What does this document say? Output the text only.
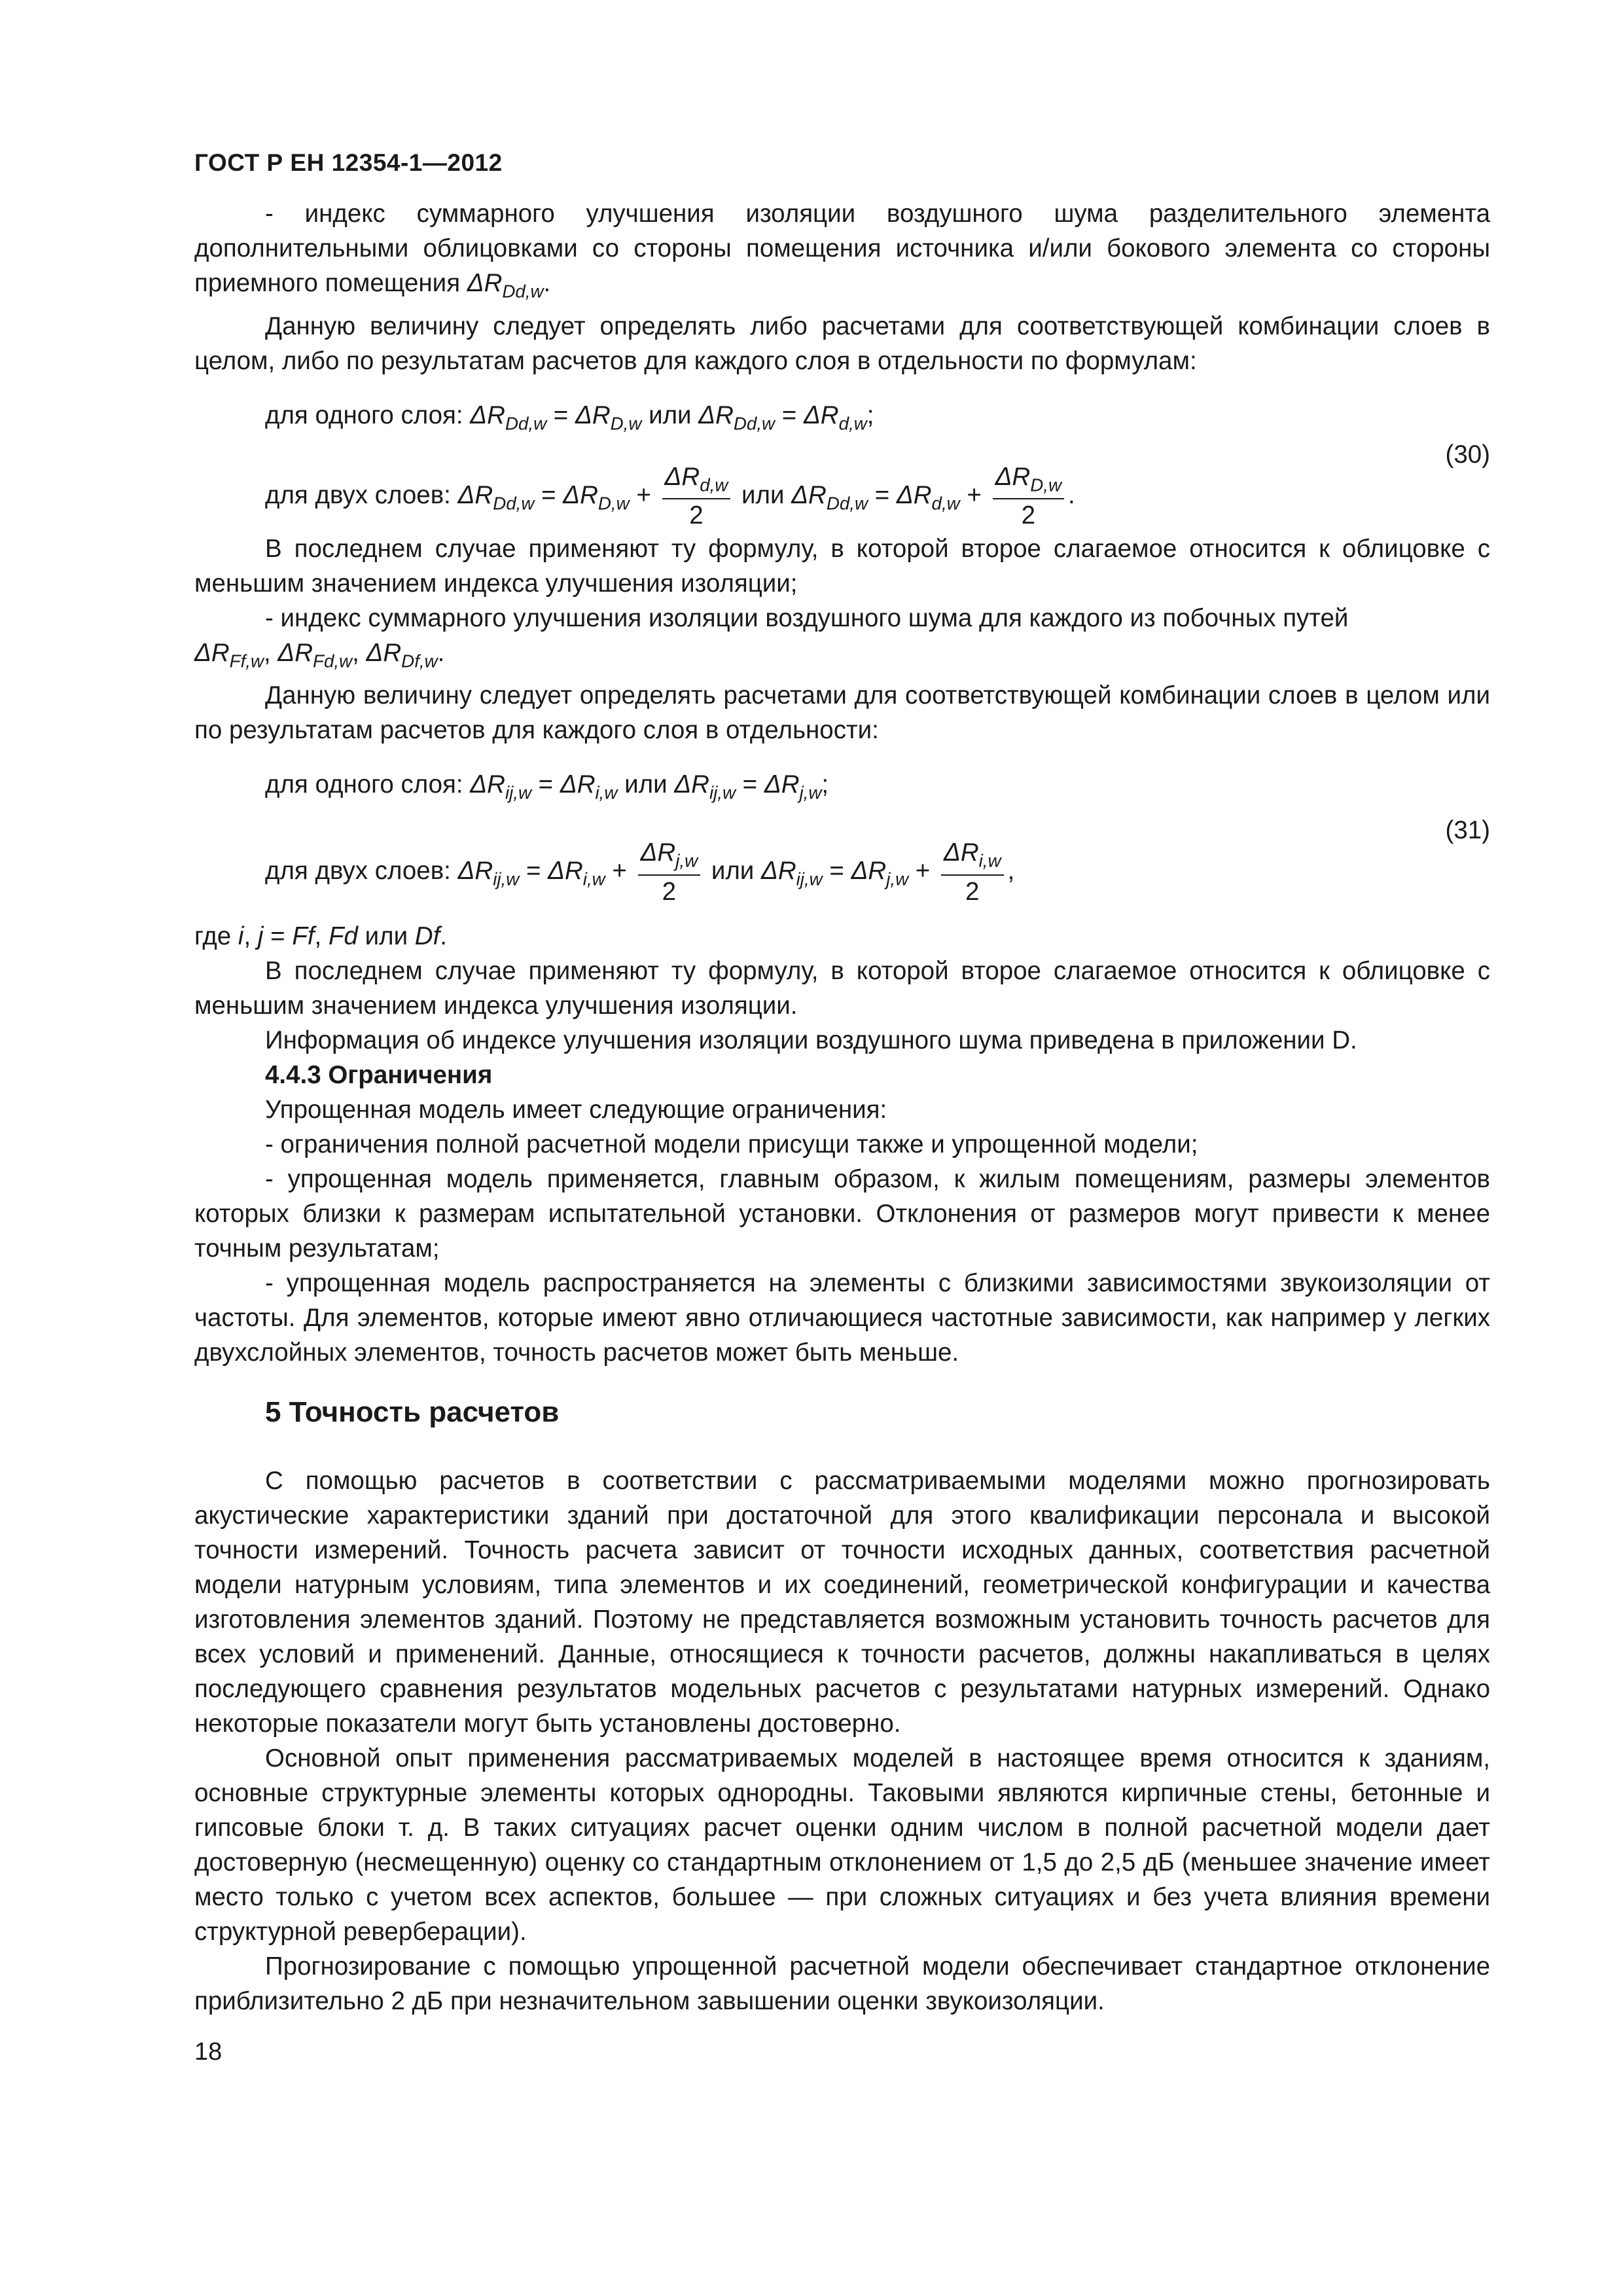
ГОСТ Р ЕН 12354-1—2012

- индекс суммарного улучшения изоляции воздушного шума разделительного элемента дополнительными облицовками со стороны помещения источника и/или бокового элемента со стороны приемного помещения $\Delta R_{Dd,w}$.

Данную величину следует определять либо расчетами для соответствующей комбинации слоев в целом, либо по результатам расчетов для каждого слоя в отдельности по формулам:

для одного слоя: $\Delta R_{Dd,w} = \Delta R_{D,w}$ или $\Delta R_{Dd,w} = \Delta R_{d,w}$;
(30)
для двух слоев: $\Delta R_{Dd,w} = \Delta R_{D,w} + \frac{\Delta R_{d,w}}{2}$ или $\Delta R_{Dd,w} = \Delta R_{d,w} + \frac{\Delta R_{D,w}}{2}$ .

В последнем случае применяют ту формулу, в которой второе слагаемое относится к облицовке с меньшим значением индекса улучшения изоляции;

- индекс суммарного улучшения изоляции воздушного шума для каждого из побочных путей

$\Delta R_{Ff,w}$, $\Delta R_{Fd,w}$, $\Delta R_{Df,w}$.

Данную величину следует определять расчетами для соответствующей комбинации слоев в целом или по результатам расчетов для каждого слоя в отдельности:

для одного слоя: $\Delta R_{ij,w} = \Delta R_{i,w}$ или $\Delta R_{ij,w} = \Delta R_{j,w}$;
(31)
для двух слоев: $\Delta R_{ij,w} = \Delta R_{i,w} + \frac{\Delta R_{j,w}}{2}$ или $\Delta R_{ij,w} = \Delta R_{j,w} + \frac{\Delta R_{i,w}}{2}$ ,

где i, j = Ff, Fd или Df.

В последнем случае применяют ту формулу, в которой второе слагаемое относится к облицовке с меньшим значением индекса улучшения изоляции.

Информация об индексе улучшения изоляции воздушного шума приведена в приложении D.

4.4.3 Ограничения

Упрощенная модель имеет следующие ограничения:

- ограничения полной расчетной модели присущи также и упрощенной модели;

- упрощенная модель применяется, главным образом, к жилым помещениям, размеры элементов которых близки к размерам испытательной установки. Отклонения от размеров могут привести к менее точным результатам;

- упрощенная модель распространяется на элементы с близкими зависимостями звукоизоляции от частоты. Для элементов, которые имеют явно отличающиеся частотные зависимости, как например у легких двухслойных элементов, точность расчетов может быть меньше.

5 Точность расчетов

С помощью расчетов в соответствии с рассматриваемыми моделями можно прогнозировать акустические характеристики зданий при достаточной для этого квалификации персонала и высокой точности измерений. Точность расчета зависит от точности исходных данных, соответствия расчетной модели натурным условиям, типа элементов и их соединений, геометрической конфигурации и качества изготовления элементов зданий. Поэтому не представляется возможным установить точность расчетов для всех условий и применений. Данные, относящиеся к точности расчетов, должны накапливаться в целях последующего сравнения результатов модельных расчетов с результатами натурных измерений. Однако некоторые показатели могут быть установлены достоверно.

Основной опыт применения рассматриваемых моделей в настоящее время относится к зданиям, основные структурные элементы которых однородны. Таковыми являются кирпичные стены, бетонные и гипсовые блоки т. д. В таких ситуациях расчет оценки одним числом в полной расчетной модели дает достоверную (несмещенную) оценку со стандартным отклонением от 1,5 до 2,5 дБ (меньшее значение имеет место только с учетом всех аспектов, большее — при сложных ситуациях и без учета влияния времени структурной реверберации).

Прогнозирование с помощью упрощенной расчетной модели обеспечивает стандартное отклонение приблизительно 2 дБ при незначительном завышении оценки звукоизоляции.

18
